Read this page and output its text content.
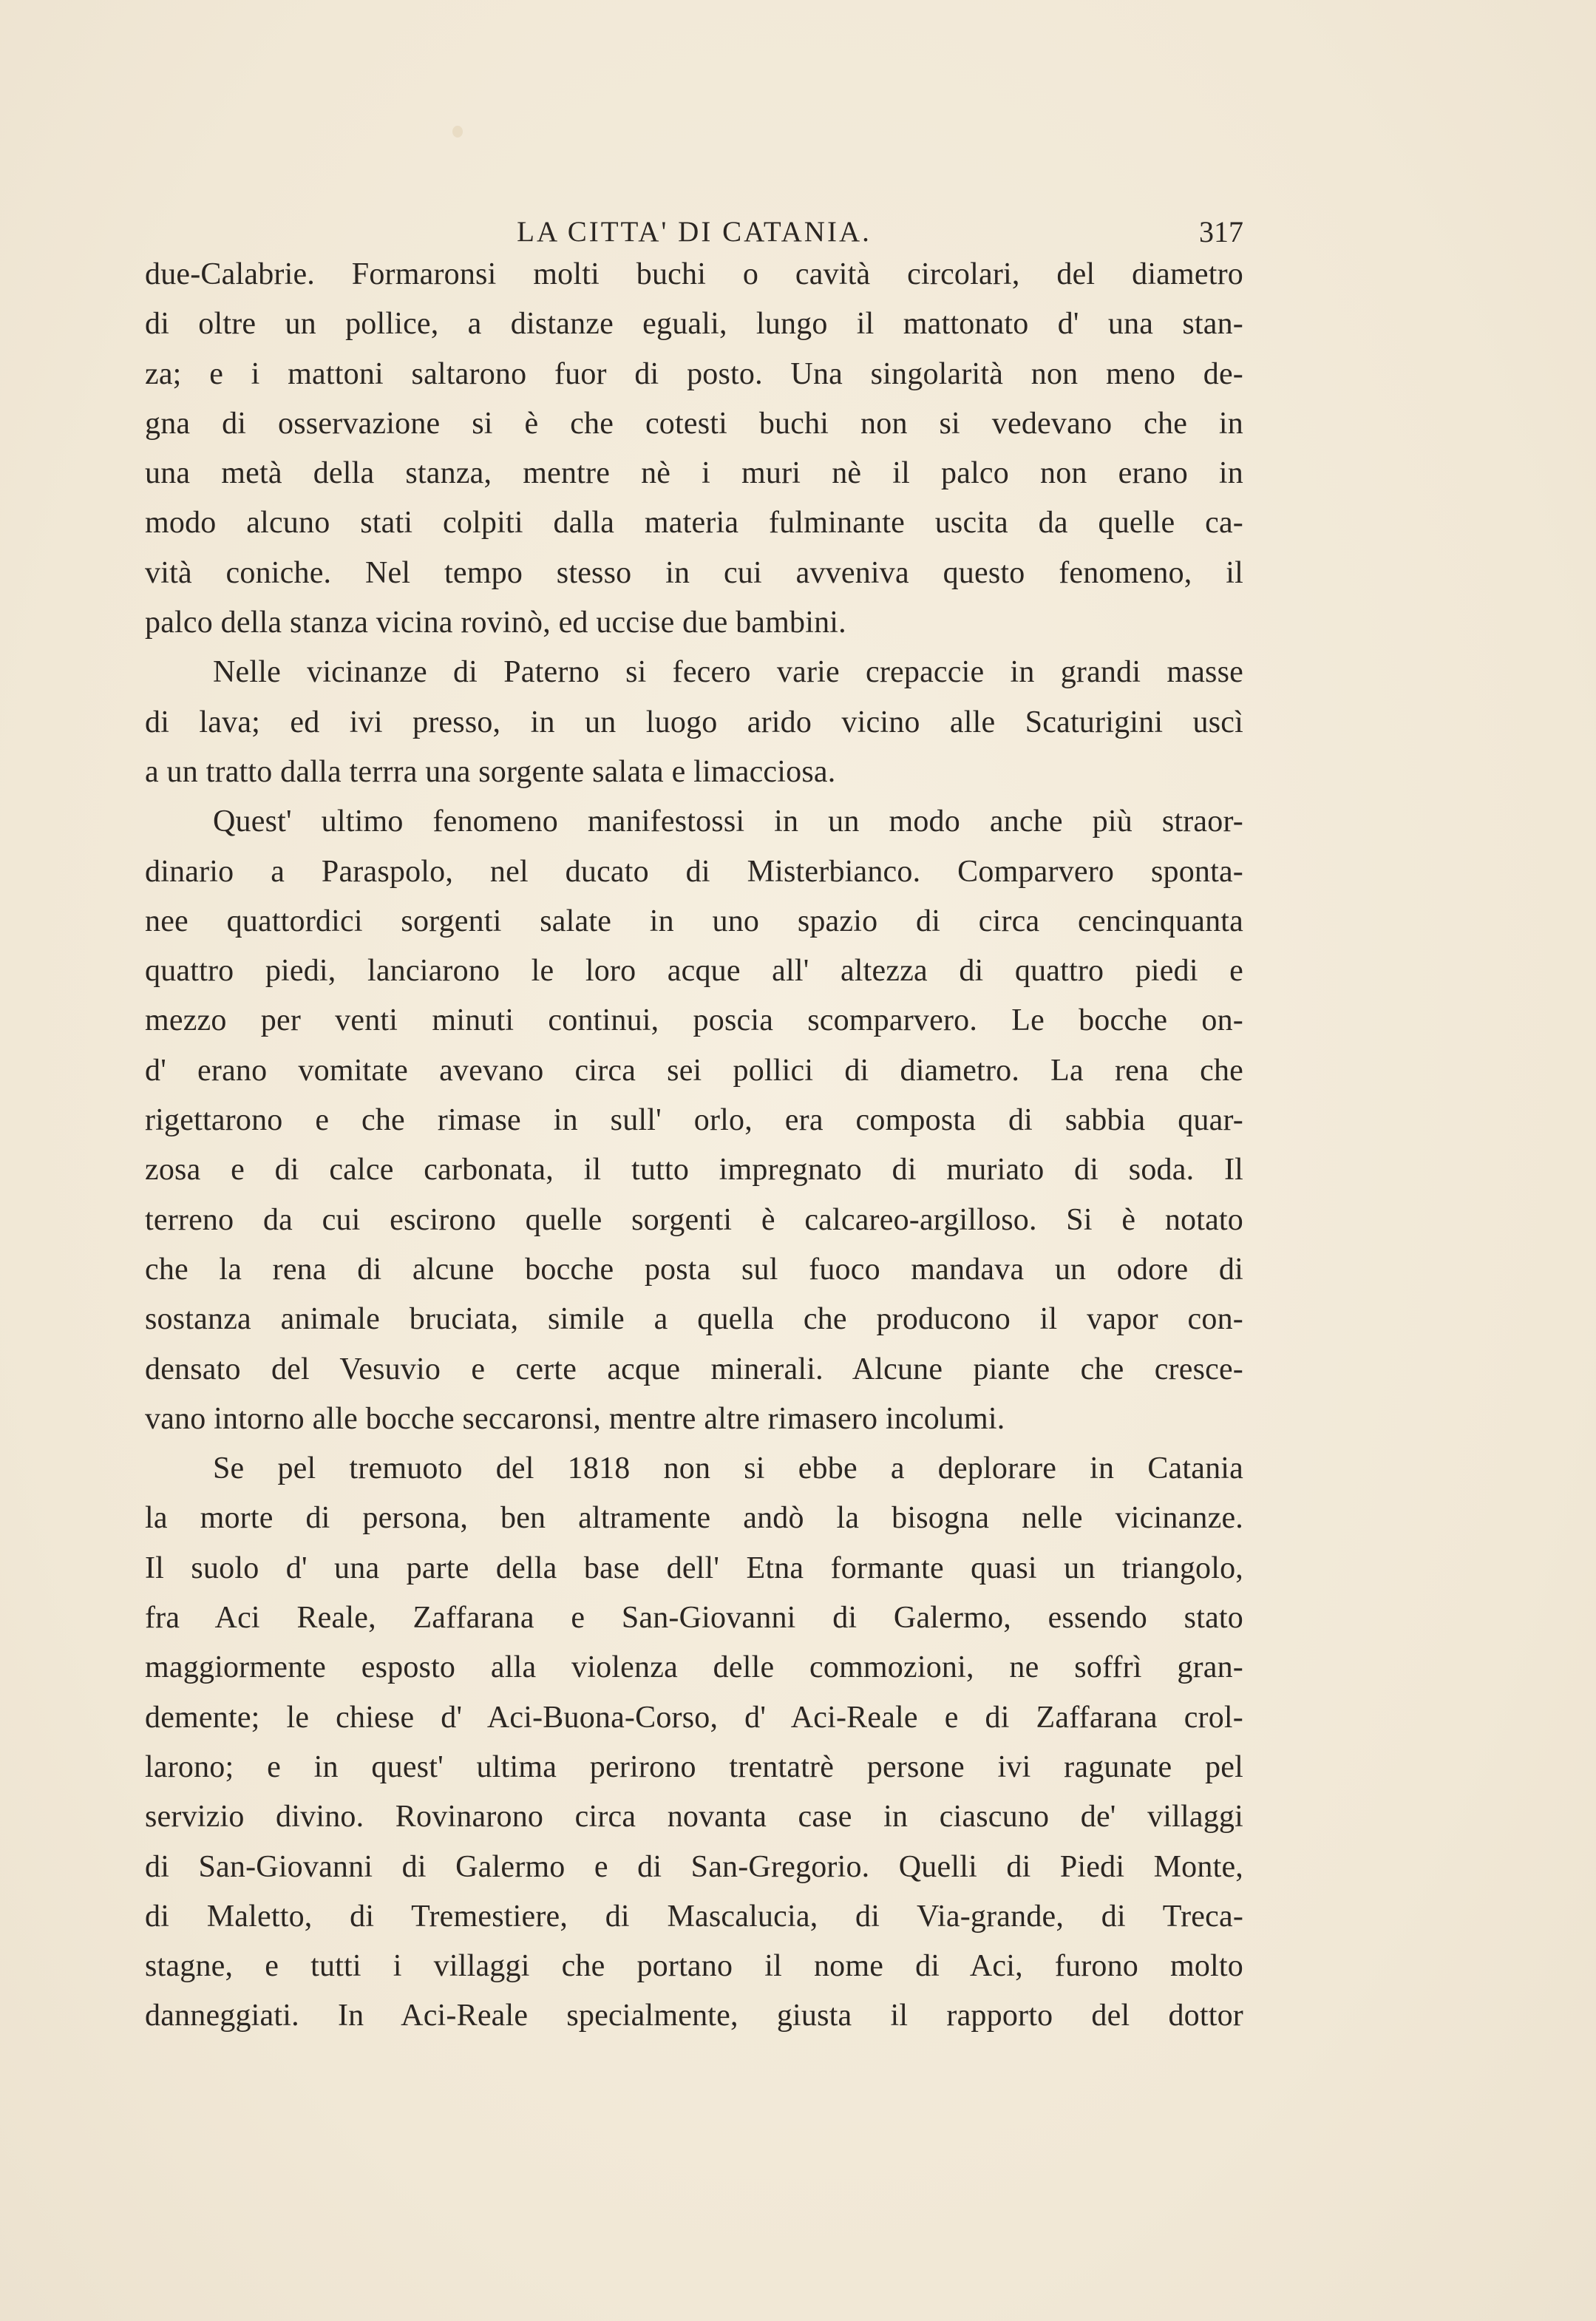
LA CITTA' DI CATANIA.	317
due-Calabrie. Formaronsi molti buchi o cavità circolari, del diametro
di oltre un pollice, a distanze eguali, lungo il mattonato d' una stan-
za; e i mattoni saltarono fuor di posto. Una singolarità non meno de-
gna di osservazione si è che cotesti buchi non si vedevano che in
una metà della stanza, mentre nè i muri nè il palco non erano in
modo alcuno stati colpiti dalla materia fulminante uscita da quelle ca-
vità coniche. Nel tempo stesso in cui avveniva questo fenomeno, il
palco della stanza vicina rovinò, ed uccise due bambini.
Nelle vicinanze di Paterno si fecero varie crepaccie in grandi masse
di lava; ed ivi presso, in un luogo arido vicino alle Scaturigini uscì
a un tratto dalla terrra una sorgente salata e limacciosa.
Quest' ultimo fenomeno manifestossi in un modo anche più straor-
dinario a Paraspolo, nel ducato di Misterbianco. Comparvero sponta-
nee quattordici sorgenti salate in uno spazio di circa cencinquanta
quattro piedi, lanciarono le loro acque all' altezza di quattro piedi e
mezzo per venti minuti continui, poscia scomparvero. Le bocche on-
d' erano vomitate avevano circa sei pollici di diametro. La rena che
rigettarono e che rimase in sull' orlo, era composta di sabbia quar-
zosa e di calce carbonata, il tutto impregnato di muriato di soda. Il
terreno da cui escirono quelle sorgenti è calcareo-argilloso. Si è notato
che la rena di alcune bocche posta sul fuoco mandava un odore di
sostanza animale bruciata, simile a quella che producono il vapor con-
densato del Vesuvio e certe acque minerali. Alcune piante che cresce-
vano intorno alle bocche seccaronsi, mentre altre rimasero incolumi.
Se pel tremuoto del 1818 non si ebbe a deplorare in Catania
la morte di persona, ben altramente andò la bisogna nelle vicinanze.
Il suolo d' una parte della base dell' Etna formante quasi un triangolo,
fra Aci Reale, Zaffarana e San-Giovanni di Galermo, essendo stato
maggiormente esposto alla violenza delle commozioni, ne soffrì gran-
demente; le chiese d' Aci-Buona-Corso, d' Aci-Reale e di Zaffarana crol-
larono; e in quest' ultima perirono trentatrè persone ivi ragunate pel
servizio divino. Rovinarono circa novanta case in ciascuno de' villaggi
di San-Giovanni di Galermo e di San-Gregorio. Quelli di Piedi Monte,
di Maletto, di Tremestiere, di Mascalucia, di Via-grande, di Treca-
stagne, e tutti i villaggi che portano il nome di Aci, furono molto
danneggiati. In Aci-Reale specialmente, giusta il rapporto del dottor
